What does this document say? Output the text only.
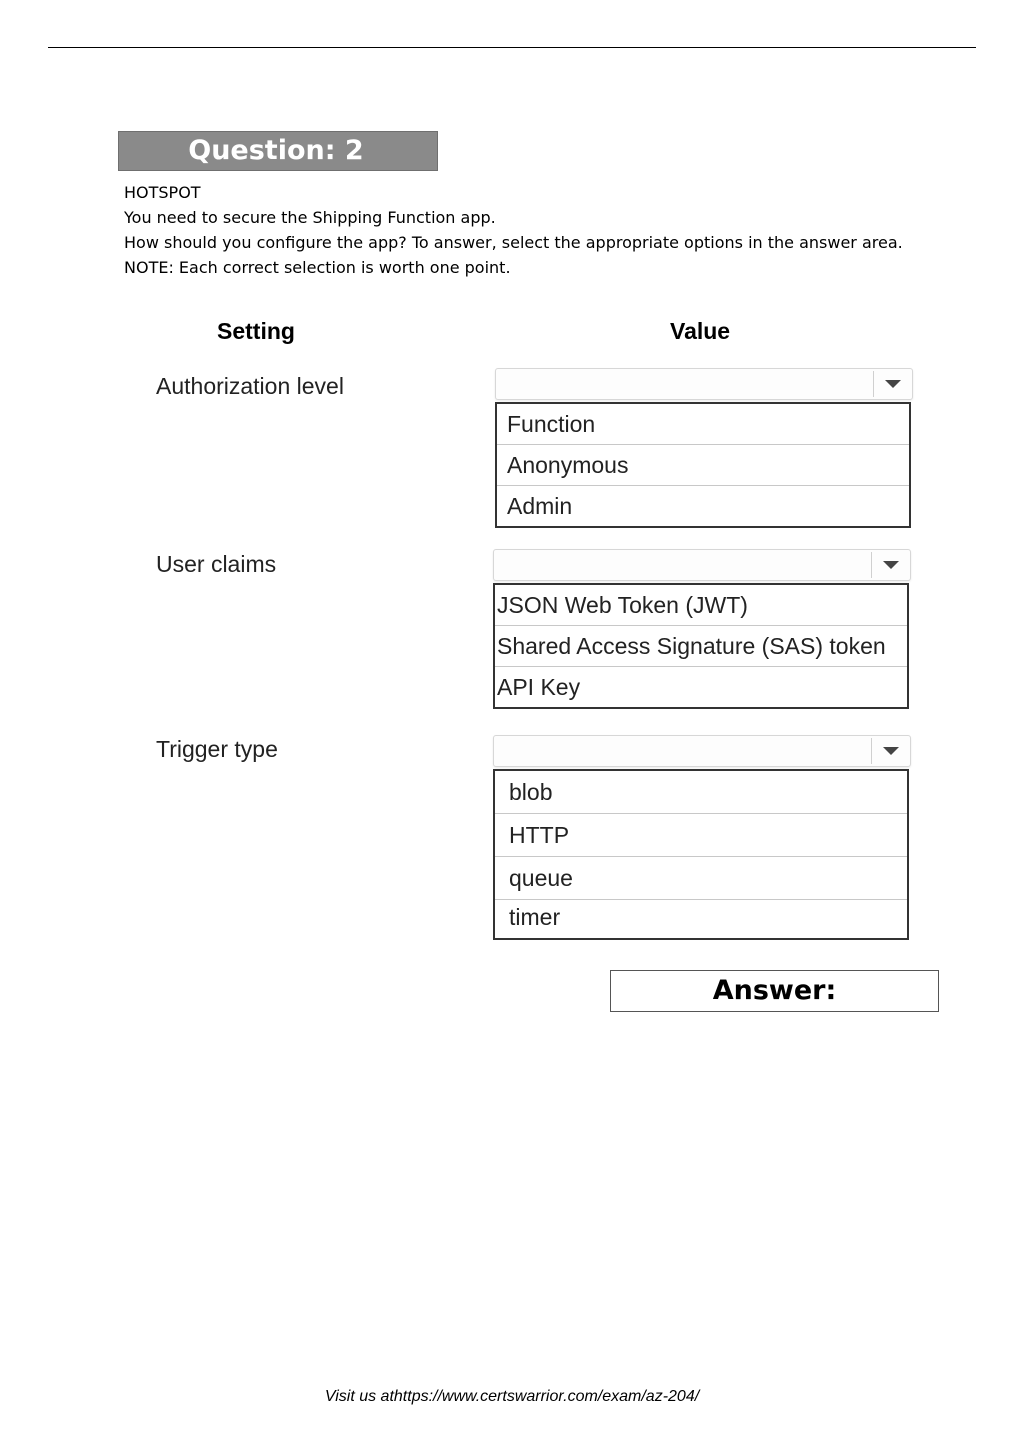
Question: 2

HOTSPOT

You need to secure the Shipping Function app.

How should you configure the app? To answer, select the appropriate options in the answer area.

NOTE: Each correct selection is worth one point.

Setting	Value
Authorization level
Function
Anonymous
Admin
User claims
JSON Web Token (JWT)
Shared Access Signature (SAS) token
API Key
Trigger type
blob
HTTP
queue
timer
Answer:
Visit us athttps://www.certswarrior.com/exam/az-204/
